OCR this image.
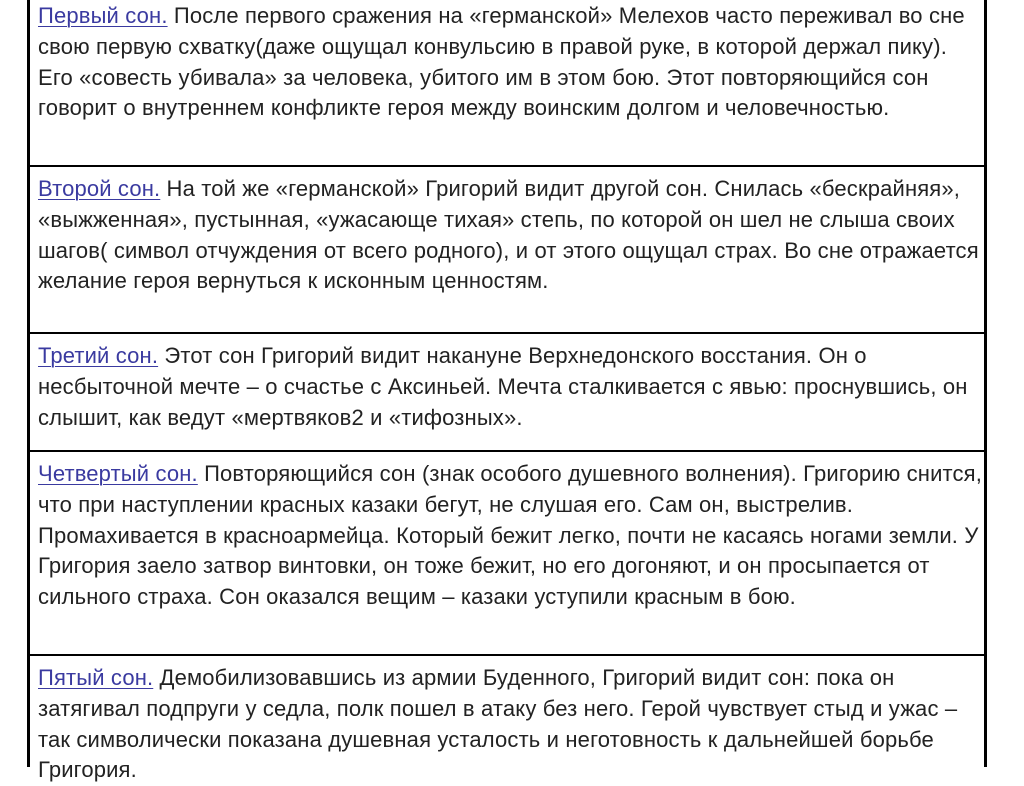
Первый сон. После первого сражения на «германской» Мелехов часто переживал во сне свою первую схватку(даже ощущал конвульсию в правой руке, в которой держал пику). Его «совесть убивала» за человека, убитого им в этом бою. Этот повторяющийся сон говорит о внутреннем конфликте героя между воинским долгом и человечностью.
Второй сон. На той же «германской» Григорий видит другой сон. Снилась «бескрайняя», «выжженная», пустынная, «ужасающе тихая» степь, по которой он шел не слыша своих шагов( символ отчуждения от всего родного), и от этого ощущал страх. Во сне отражается желание героя вернуться к исконным ценностям.
Третий сон. Этот сон Григорий видит накануне Верхнедонского восстания. Он о несбыточной мечте – о счастье с Аксиньей. Мечта сталкивается с явью: проснувшись, он слышит, как ведут «мертвяков2 и «тифозных».
Четвертый сон. Повторяющийся сон (знак особого душевного волнения). Григорию снится, что при наступлении красных казаки бегут, не слушая его. Сам он, выстрелив. Промахивается в красноармейца. Который бежит легко, почти не касаясь ногами земли. У Григория заело затвор винтовки, он тоже бежит, но его догоняют, и он просыпается от сильного страха. Сон оказался вещим – казаки уступили красным в бою.
Пятый сон. Демобилизовавшись из армии Буденного, Григорий видит сон: пока он затягивал подпруги у седла, полк пошел в атаку без него. Герой чувствует стыд и ужас – так символически показана душевная усталость и неготовность к дальнейшей борьбе Григория.
